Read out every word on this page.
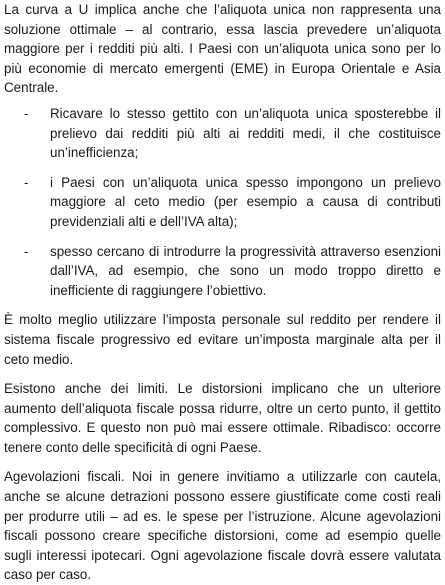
La curva a U implica anche che l’aliquota unica non rappresenta una soluzione ottimale – al contrario, essa lascia prevedere un’aliquota maggiore per i redditi più alti. I Paesi con un’aliquota unica sono per lo più economie di mercato emergenti (EME) in Europa Orientale e Asia Centrale.

- Ricavare lo stesso gettito con un’aliquota unica sposterebbe il prelievo dai redditi più alti ai redditi medi, il che costituisce un’inefficienza;
- i Paesi con un’aliquota unica spesso impongono un prelievo maggiore al ceto medio (per esempio a causa di contributi previdenziali alti e dell’IVA alta);
- spesso cercano di introdurre la progressività attraverso esenzioni dall’IVA, ad esempio, che sono un modo troppo diretto e inefficiente di raggiungere l’obiettivo.

È molto meglio utilizzare l’imposta personale sul reddito per rendere il sistema fiscale progressivo ed evitare un’imposta marginale alta per il ceto medio.

Esistono anche dei limiti. Le distorsioni implicano che un ulteriore aumento dell’aliquota fiscale possa ridurre, oltre un certo punto, il gettito complessivo. E questo non può mai essere ottimale. Ribadisco: occorre tenere conto delle specificità di ogni Paese.

Agevolazioni fiscali. Noi in genere invitiamo a utilizzarle con cautela, anche se alcune detrazioni possono essere giustificate come costi reali per produrre utili – ad es. le spese per l’istruzione. Alcune agevolazioni fiscali possono creare specifiche distorsioni, come ad esempio quelle sugli interessi ipotecari. Ogni agevolazione fiscale dovrà essere valutata caso per caso.
